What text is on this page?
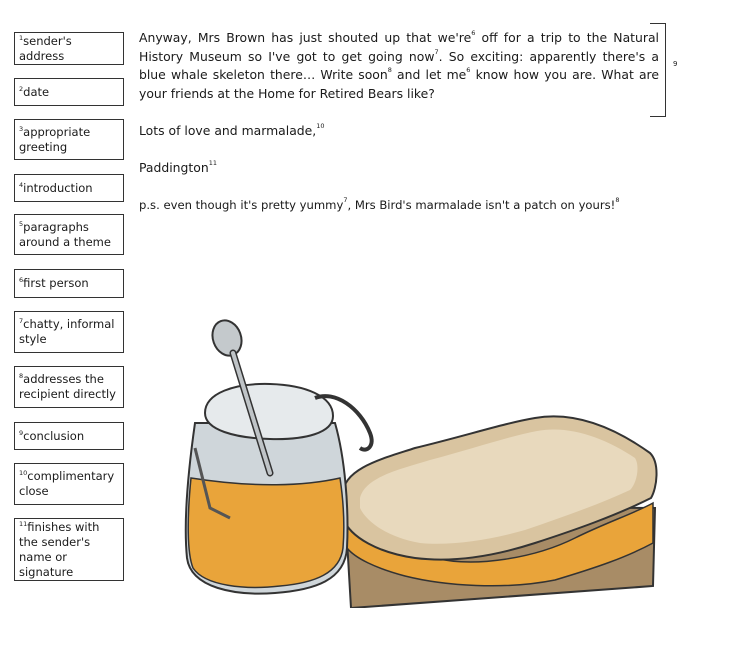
$^1$sender's address
$^2$date
$^3$appropriate greeting
$^4$introduction
$^5$paragraphs around a theme
$^6$first person
$^7$chatty, informal style
$^8$addresses the recipient directly
$^9$conclusion
$^{10}$complimentary close
$^{11}$finishes with the sender's name or signature
Anyway, Mrs Brown has just shouted up that $we're^6$ off for a trip to the Natural History Museum so I've got to get going now$^7$. So exciting: apparently there's a blue whale skeleton there… Write soon$^8$ and let $me^6$ know how you are. What are your friends at the Home for Retired Bears like?
9
Lots of love and marmalade,$^{10}$
Paddington$^{11}$
p.s. even though it's pretty yummy$^7$, Mrs Bird's marmalade isn't a patch on yours!$^8$
